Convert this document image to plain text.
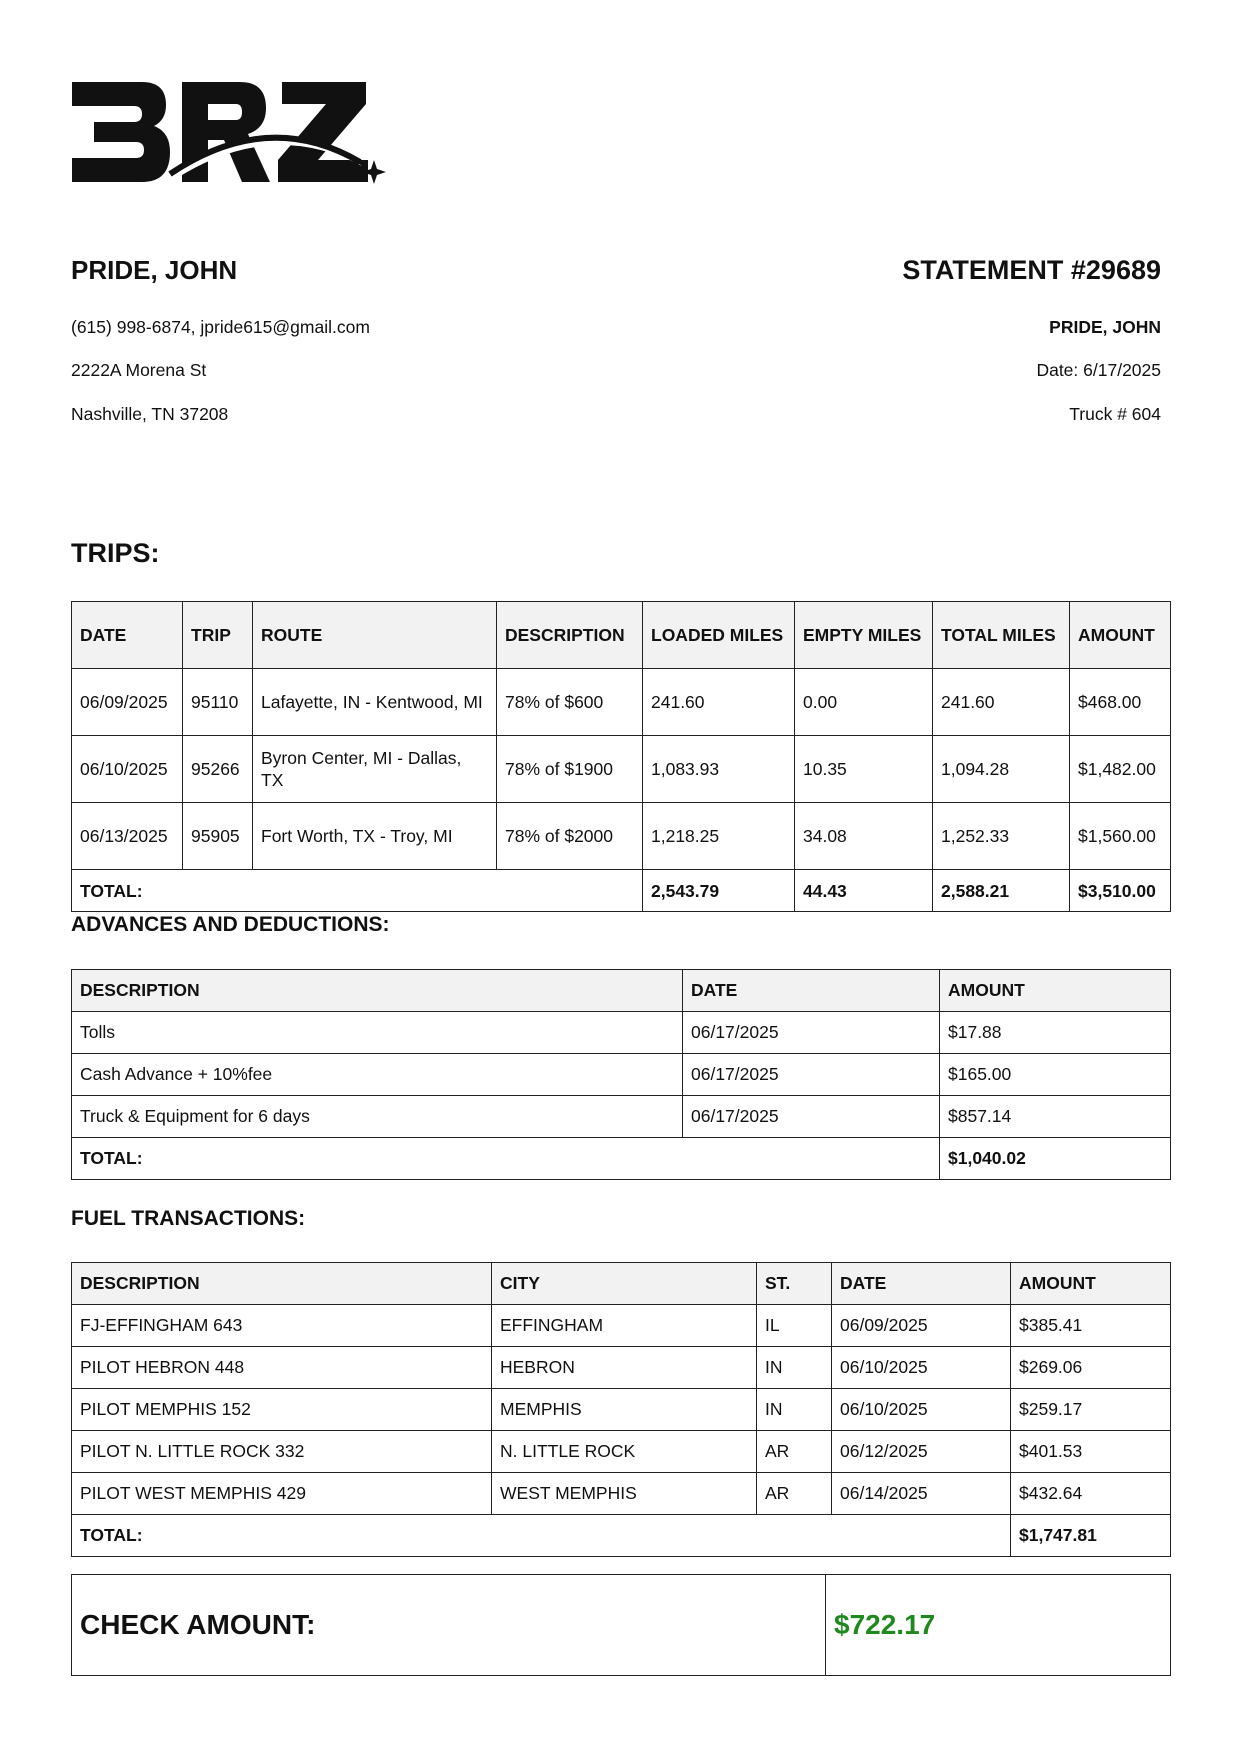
PRIDE, JOHN	STATEMENT #29689
(615) 998-6874, jpride615@gmail.com
2222A Morena St
Nashville, TN 37208
PRIDE, JOHN
Date: 6/17/2025
Truck # 604
TRIPS:
DATE	TRIP	ROUTE	DESCRIPTION	LOADED MILES	EMPTY MILES	TOTAL MILES	AMOUNT
06/09/2025	95110	Lafayette, IN - Kentwood, MI	78% of $600	241.60	0.00	241.60	$468.00
06/10/2025	95266	Byron Center, MI - Dallas, TX	78% of $1900	1,083.93	10.35	1,094.28	$1,482.00
06/13/2025	95905	Fort Worth, TX - Troy, MI	78% of $2000	1,218.25	34.08	1,252.33	$1,560.00
TOTAL:				2,543.79	44.43	2,588.21	$3,510.00
ADVANCES AND DEDUCTIONS:
DESCRIPTION	DATE	AMOUNT
Tolls	06/17/2025	$17.88
Cash Advance + 10%fee	06/17/2025	$165.00
Truck & Equipment for 6 days	06/17/2025	$857.14
TOTAL:		$1,040.02
FUEL TRANSACTIONS:
DESCRIPTION	CITY	ST.	DATE	AMOUNT
FJ-EFFINGHAM 643	EFFINGHAM	IL	06/09/2025	$385.41
PILOT HEBRON 448	HEBRON	IN	06/10/2025	$269.06
PILOT MEMPHIS 152	MEMPHIS	IN	06/10/2025	$259.17
PILOT N. LITTLE ROCK 332	N. LITTLE ROCK	AR	06/12/2025	$401.53
PILOT WEST MEMPHIS 429	WEST MEMPHIS	AR	06/14/2025	$432.64
TOTAL:				$1,747.81
CHECK AMOUNT:	$722.17
